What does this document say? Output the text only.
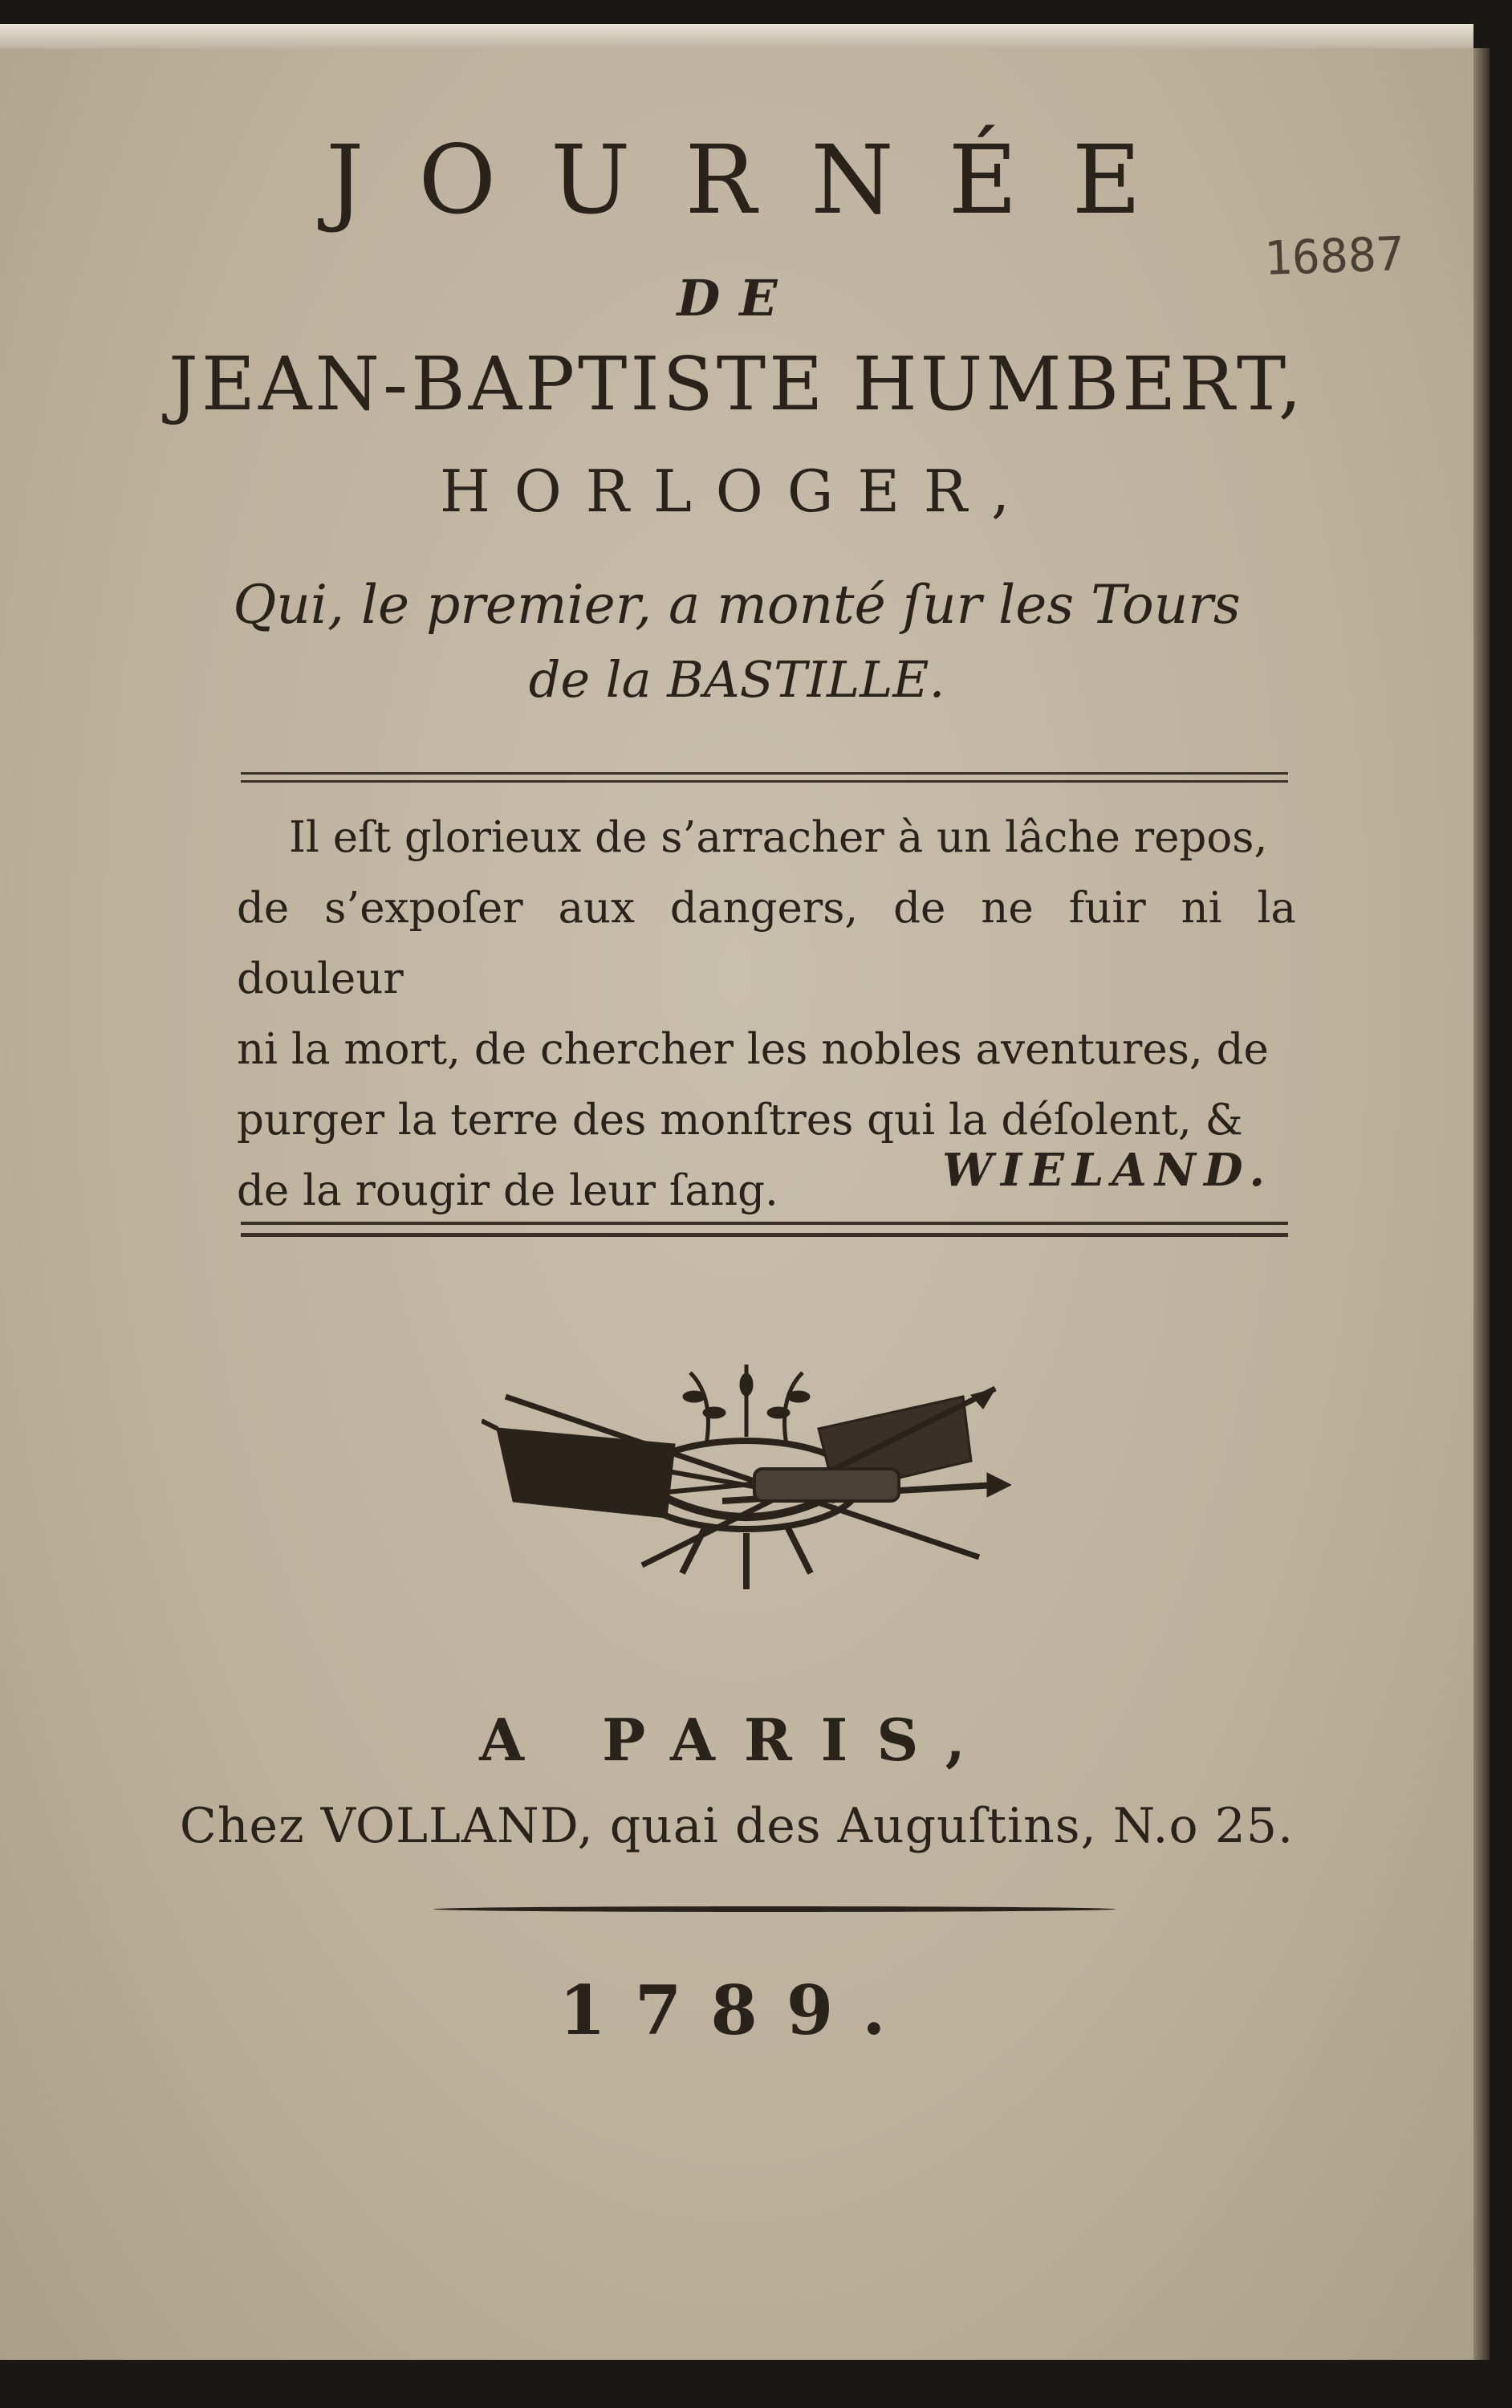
JOURNÉE
DE
JEAN-BAPTISTE HUMBERT,
HORLOGER,
Qui, le premier, a monté ſur les Tours
de la BASTILLE.
16887
Il eſt glorieux de s’arracher à un lâche repos,
de s’expoſer aux dangers, de ne fuir ni la douleur
ni la mort, de chercher les nobles aventures, de
purger la terre des monſtres qui la déſolent, &
de la rougir de leur ſang.	WIELAND.
A PARIS,
Chez VOLLAND, quai des Auguſtins, N.o 25.
1789.
